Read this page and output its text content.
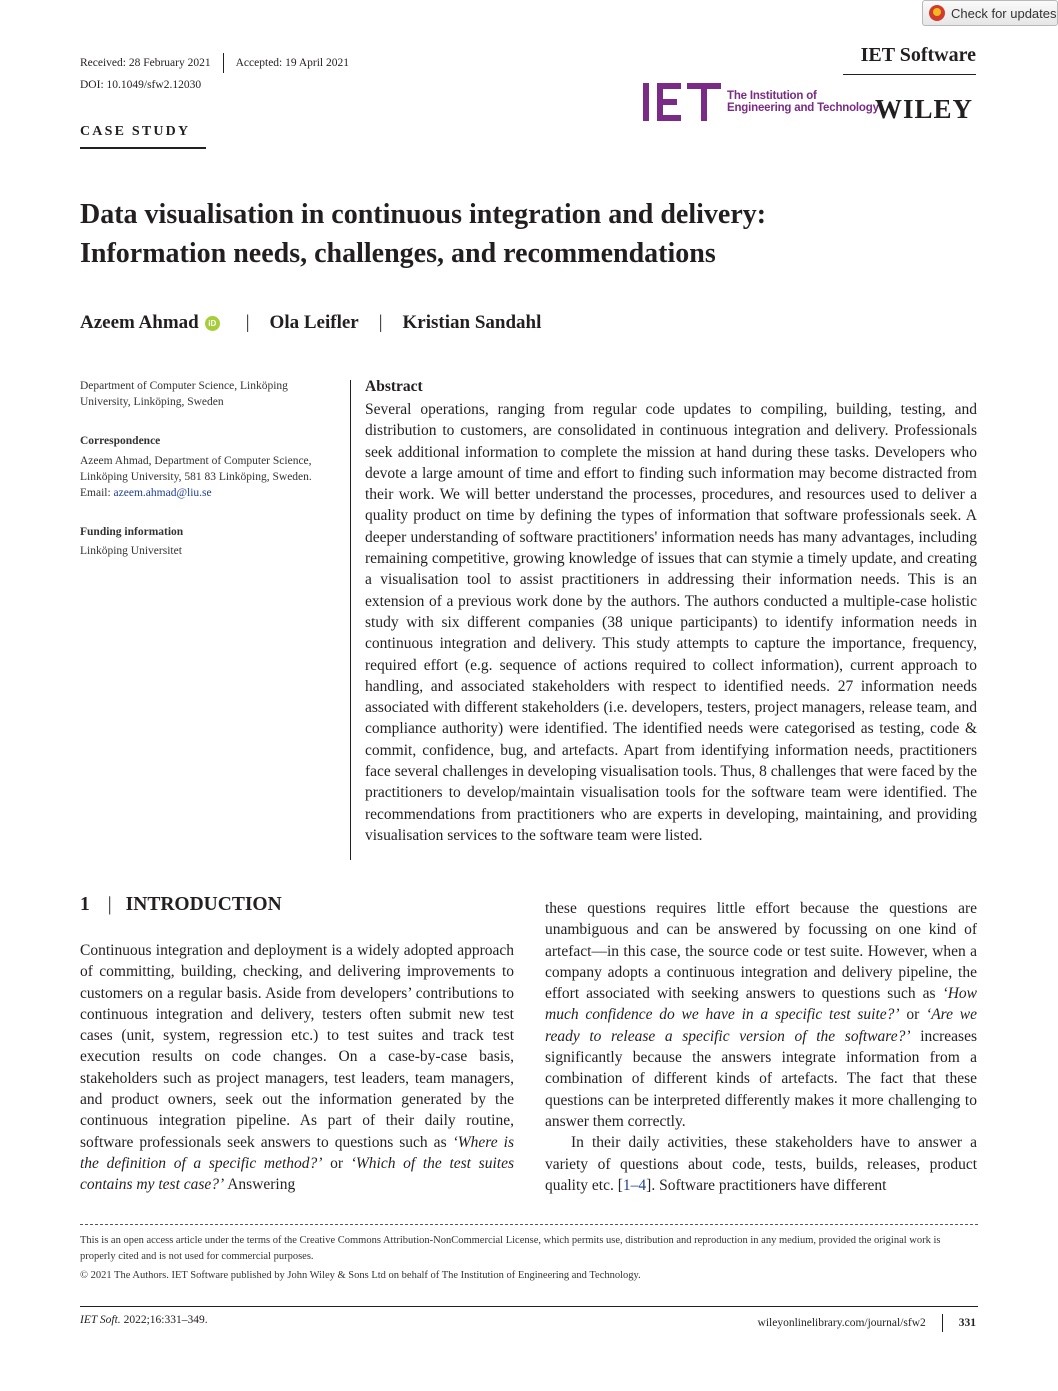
Check for updates
Received: 28 February 2021 Accepted: 19 April 2021	IET Software
DOI: 10.1049/sfw2.12030
The Institution of
Engineering and Technology
WILEY
CASE STUDY
Data visualisation in continuous integration and delivery:
Information needs, challenges, and recommendations
Azeem Ahmad	iD | Ola Leifler | Kristian Sandahl
Department of Computer Science, Linköping University, Linköping, Sweden
Correspondence
Azeem Ahmad, Department of Computer Science, Linköping University, 581 83 Linköping, Sweden.
Email: azeem.ahmad@liu.se
Funding information
Linköping Universitet
Abstract
Several operations, ranging from regular code updates to compiling, building, testing, and distribution to customers, are consolidated in continuous integration and delivery. Professionals seek additional information to complete the mission at hand during these tasks. Developers who devote a large amount of time and effort to finding such information may become distracted from their work. We will better understand the processes, procedures, and resources used to deliver a quality product on time by defining the types of information that software professionals seek. A deeper understanding of software practitioners' information needs has many advantages, including remaining competitive, growing knowledge of issues that can stymie a timely update, and creating a visualisation tool to assist practitioners in addressing their information needs. This is an extension of a previous work done by the authors. The authors conducted a multiple-case holistic study with six different companies (38 unique participants) to identify information needs in continuous integration and delivery. This study attempts to capture the importance, frequency, required effort (e.g. sequence of actions required to collect information), current approach to handling, and associated stakeholders with respect to identified needs. 27 information needs associated with different stakeholders (i.e. developers, testers, project managers, release team, and compliance authority) were identified. The identified needs were categorised as testing, code & commit, confidence, bug, and artefacts. Apart from identifying information needs, practitioners face several challenges in developing visualisation tools. Thus, 8 challenges that were faced by the practitioners to develop/maintain visualisation tools for the software team were identified. The recommendations from practitioners who are experts in developing, maintaining, and providing visualisation services to the software team were listed.
1 | INTRODUCTION
Continuous integration and deployment is a widely adopted approach of committing, building, checking, and delivering improvements to customers on a regular basis. Aside from developers’ contributions to continuous integration and delivery, testers often submit new test cases (unit, system, regression etc.) to test suites and track test execution results on code changes. On a case-by-case basis, stakeholders such as project managers, test leaders, team managers, and product owners, seek out the information generated by the continuous integration pipeline. As part of their daily routine, software professionals seek answers to questions such as ‘Where is the definition of a specific method?’ or ‘Which of the test suites contains my test case?’ Answering
these questions requires little effort because the questions are unambiguous and can be answered by focussing on one kind of artefact—in this case, the source code or test suite. However, when a company adopts a continuous integration and delivery pipeline, the effort associated with seeking answers to questions such as ‘How much confidence do we have in a specific test suite?’ or ‘Are we ready to release a specific version of the software?’ increases significantly because the answers integrate information from a combination of different kinds of artefacts. The fact that these questions can be interpreted differently makes it more challenging to answer them correctly.
In their daily activities, these stakeholders have to answer a variety of questions about code, tests, builds, releases, product quality etc. [1–4]. Software practitioners have different
This is an open access article under the terms of the Creative Commons Attribution-NonCommercial License, which permits use, distribution and reproduction in any medium, provided the original work is properly cited and is not used for commercial purposes.
© 2021 The Authors. IET Software published by John Wiley & Sons Ltd on behalf of The Institution of Engineering and Technology.
IET Soft. 2022;16:331–349.	wileyonlinelibrary.com/journal/sfw2	331
